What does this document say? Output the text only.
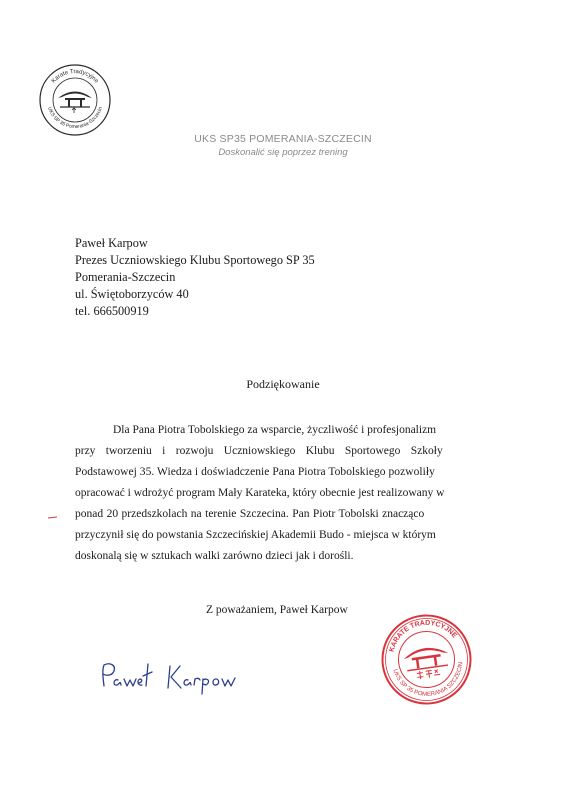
Karate Tradycyjne
UKS SP 35 Pomerania-Szczecin
UKS SP35 POMERANIA-SZCZECIN
Doskonalić się poprzez trening
Paweł Karpow
Prezes Uczniowskiego Klubu Sportowego SP 35
Pomerania-Szczecin
ul. Świętoborzyców 40
tel. 666500919
Podziękowanie
Dla Pana Piotra Tobolskiego za wsparcie, życzliwość i profesjonalizm
przy tworzeniu i rozwoju Uczniowskiego Klubu Sportowego Szkoły
Podstawowej 35. Wiedza i doświadczenie Pana Piotra Tobolskiego pozwoliły
opracować i wdrożyć program Mały Karateka, który obecnie jest realizowany w
ponad 20 przedszkolach na terenie Szczecina. Pan Piotr Tobolski znacząco
przyczynił się do powstania Szczecińskiej Akademii Budo - miejsca w którym
doskonalą się w sztukach walki zarówno dzieci jak i dorośli.
Z poważaniem, Paweł Karpow
KARATE TRADYCYJNE
UKS SP 35 POMERANIA SZCZECIN
